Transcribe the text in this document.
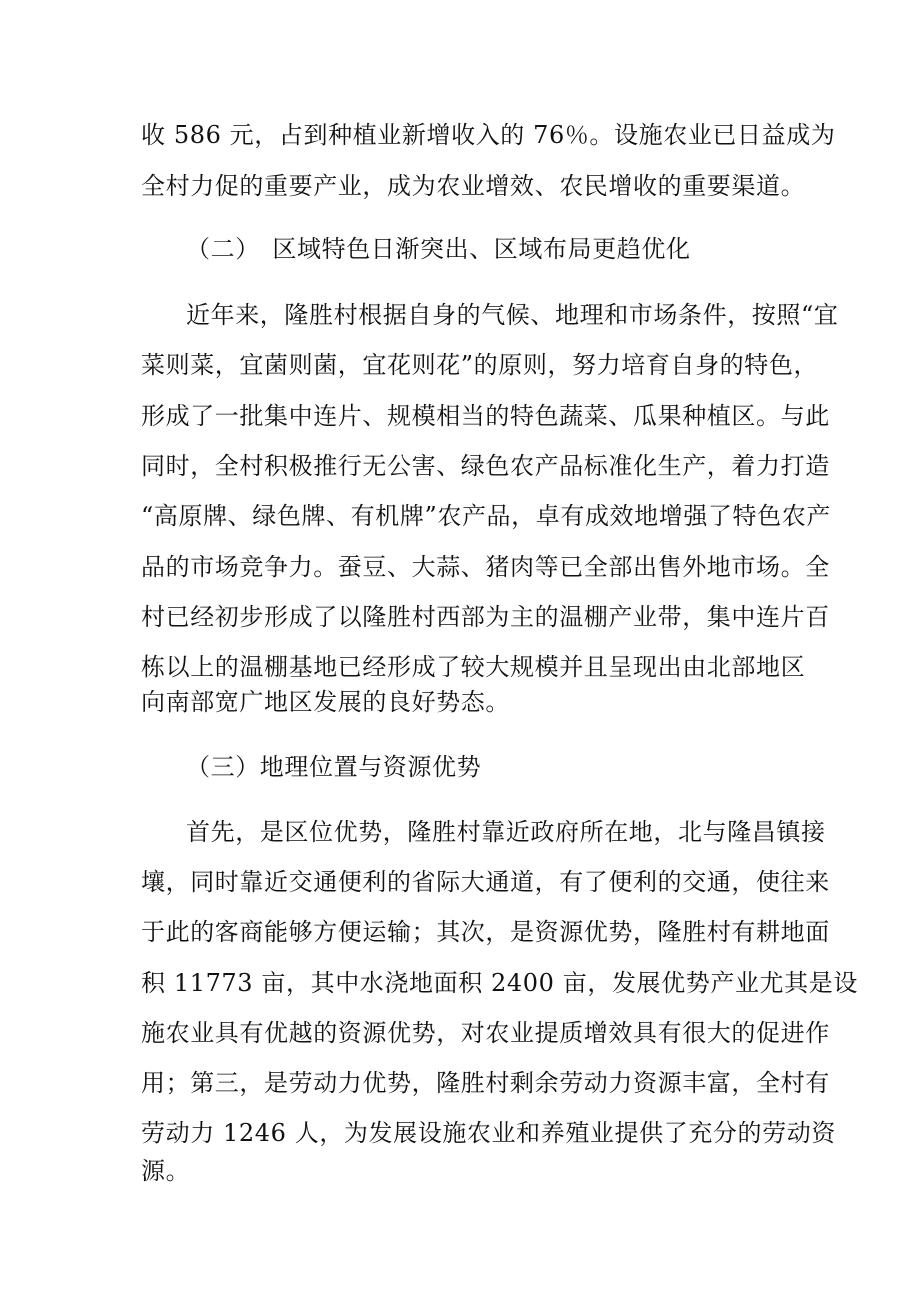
收 586 元，占到种植业新增收入的 76％。设施农业已日益成为
全村力促的重要产业，成为农业增效、农民增收的重要渠道。
（二）　区域特色日渐突出、区域布局更趋优化
近年来，隆胜村根据自身的气候、地理和市场条件，按照“宜
菜则菜，宜菌则菌，宜花则花”的原则，努力培育自身的特色，
形成了一批集中连片、规模相当的特色蔬菜、瓜果种植区。与此
同时，全村积极推行无公害、绿色农产品标准化生产，着力打造
“高原牌、绿色牌、有机牌”农产品，卓有成效地增强了特色农产
品的市场竞争力。蚕豆、大蒜、猪肉等已全部出售外地市场。全
村已经初步形成了以隆胜村西部为主的温棚产业带，集中连片百
栋以上的温棚基地已经形成了较大规模并且呈现出由北部地区
向南部宽广地区发展的良好势态。
（三）地理位置与资源优势
首先，是区位优势，隆胜村靠近政府所在地，北与隆昌镇接
壤，同时靠近交通便利的省际大通道，有了便利的交通，使往来
于此的客商能够方便运输；其次，是资源优势，隆胜村有耕地面
积 11773 亩，其中水浇地面积 2400 亩，发展优势产业尤其是设
施农业具有优越的资源优势，对农业提质增效具有很大的促进作
用；第三，是劳动力优势，隆胜村剩余劳动力资源丰富，全村有
劳动力 1246 人，为发展设施农业和养殖业提供了充分的劳动资
源。
